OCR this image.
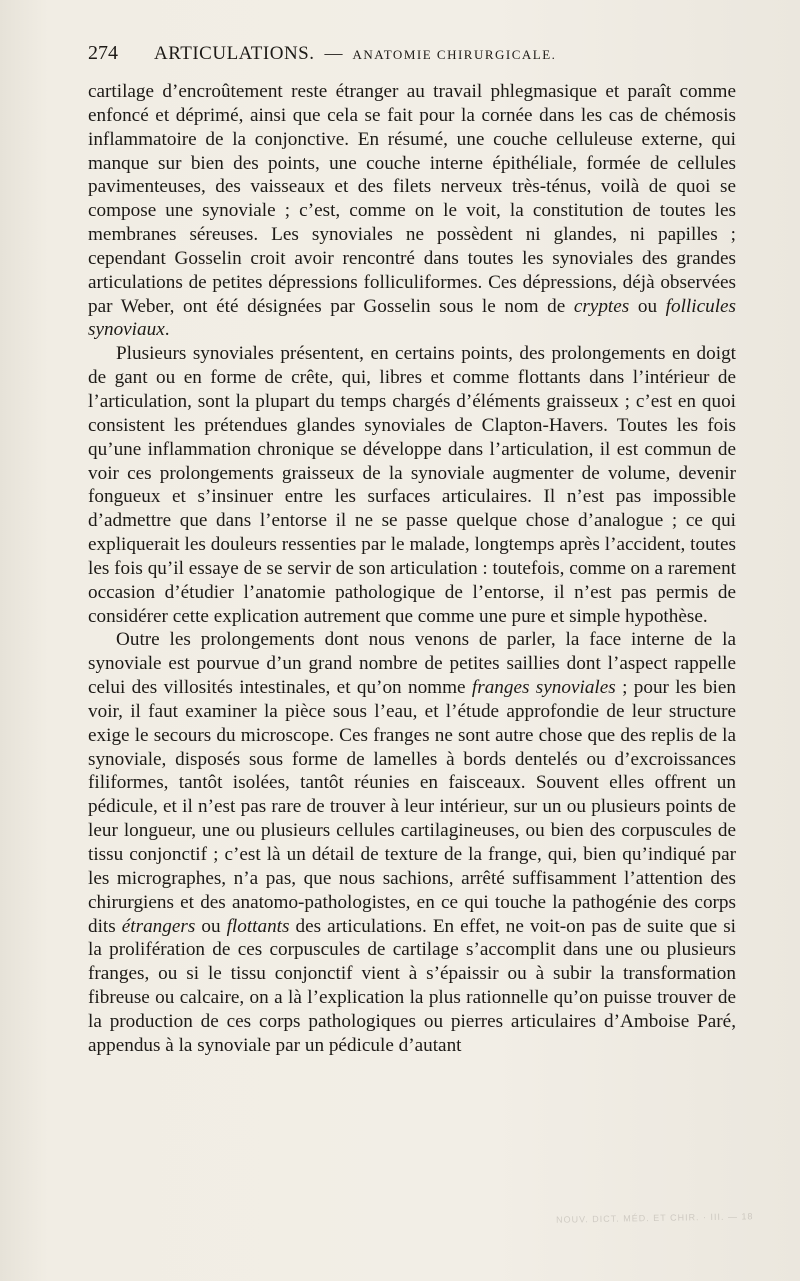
274	ARTICULATIONS. — ANATOMIE CHIRURGICALE.

cartilage d’encroûtement reste étranger au travail phlegmasique et paraît comme enfoncé et déprimé, ainsi que cela se fait pour la cornée dans les cas de chémosis inflammatoire de la conjonctive. En résumé, une couche celluleuse externe, qui manque sur bien des points, une couche interne épithéliale, formée de cellules pavimenteuses, des vaisseaux et des filets nerveux très-ténus, voilà de quoi se compose une synoviale ; c’est, comme on le voit, la constitution de toutes les membranes séreuses. Les synoviales ne possèdent ni glandes, ni papilles ; cependant Gosselin croit avoir rencontré dans toutes les synoviales des grandes articulations de petites dépressions folliculiformes. Ces dépressions, déjà observées par Weber, ont été désignées par Gosselin sous le nom de cryptes ou follicules synoviaux.

Plusieurs synoviales présentent, en certains points, des prolongements en doigt de gant ou en forme de crête, qui, libres et comme flottants dans l’intérieur de l’articulation, sont la plupart du temps chargés d’éléments graisseux ; c’est en quoi consistent les prétendues glandes synoviales de Clapton-Havers. Toutes les fois qu’une inflammation chronique se développe dans l’articulation, il est commun de voir ces prolongements graisseux de la synoviale augmenter de volume, devenir fongueux et s’insinuer entre les surfaces articulaires. Il n’est pas impossible d’admettre que dans l’entorse il ne se passe quelque chose d’analogue ; ce qui expliquerait les douleurs ressenties par le malade, longtemps après l’accident, toutes les fois qu’il essaye de se servir de son articulation : toutefois, comme on a rarement occasion d’étudier l’anatomie pathologique de l’entorse, il n’est pas permis de considérer cette explication autrement que comme une pure et simple hypothèse.

Outre les prolongements dont nous venons de parler, la face interne de la synoviale est pourvue d’un grand nombre de petites saillies dont l’aspect rappelle celui des villosités intestinales, et qu’on nomme franges synoviales ; pour les bien voir, il faut examiner la pièce sous l’eau, et l’étude approfondie de leur structure exige le secours du microscope. Ces franges ne sont autre chose que des replis de la synoviale, disposés sous forme de lamelles à bords dentelés ou d’excroissances filiformes, tantôt isolées, tantôt réunies en faisceaux. Souvent elles offrent un pédicule, et il n’est pas rare de trouver à leur intérieur, sur un ou plusieurs points de leur longueur, une ou plusieurs cellules cartilagineuses, ou bien des corpuscules de tissu conjonctif ; c’est là un détail de texture de la frange, qui, bien qu’indiqué par les micrographes, n’a pas, que nous sachions, arrêté suffisamment l’attention des chirurgiens et des anatomo-pathologistes, en ce qui touche la pathogénie des corps dits étrangers ou flottants des articulations. En effet, ne voit-on pas de suite que si la prolifération de ces corpuscules de cartilage s’accomplit dans une ou plusieurs franges, ou si le tissu conjonctif vient à s’épaissir ou à subir la transformation fibreuse ou calcaire, on a là l’explication la plus rationnelle qu’on puisse trouver de la production de ces corps pathologiques ou pierres articulaires d’Amboise Paré, appendus à la synoviale par un pédicule d’autant

NOUV. DICT. MÉD. ET CHIR. · III. — 18
